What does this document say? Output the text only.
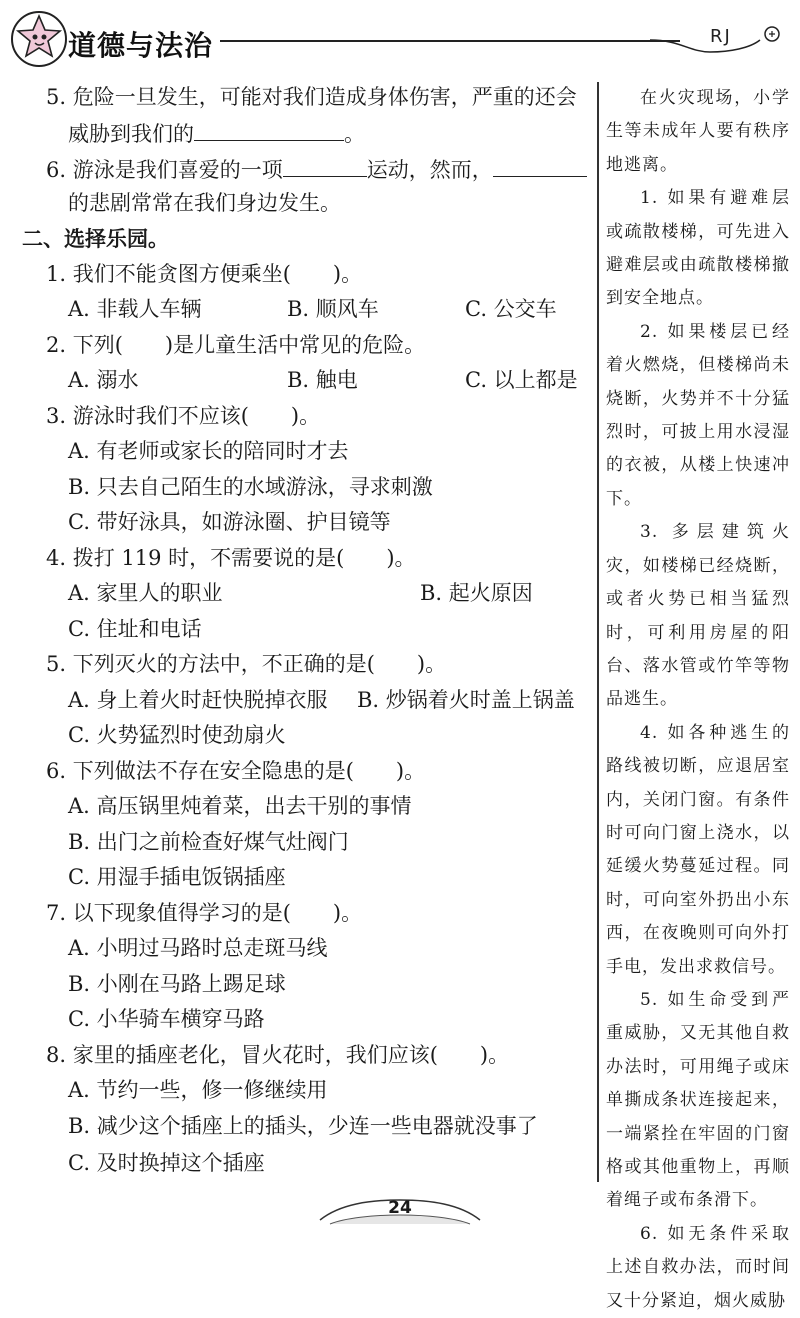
道德与法治	RJ
5. 危险一旦发生，可能对我们造成身体伤害，严重的还会
威胁到我们的	。
6. 游泳是我们喜爱的一项	运动，然而，
的悲剧常常在我们身边发生。
二、选择乐园。
1. 我们不能贪图方便乘坐(　　)。
A. 非载人车辆	B. 顺风车	C. 公交车
2. 下列(　　)是儿童生活中常见的危险。
A. 溺水	B. 触电	C. 以上都是
3. 游泳时我们不应该(　　)。
A. 有老师或家长的陪同时才去
B. 只去自己陌生的水域游泳，寻求刺激
C. 带好泳具，如游泳圈、护目镜等
4. 拨打 119 时，不需要说的是(　　)。
A. 家里人的职业	B. 起火原因
C. 住址和电话
5. 下列灭火的方法中，不正确的是(　　)。
A. 身上着火时赶快脱掉衣服 B. 炒锅着火时盖上锅盖
C. 火势猛烈时使劲扇火
6. 下列做法不存在安全隐患的是(　　)。
A. 高压锅里炖着菜，出去干别的事情
B. 出门之前检查好煤气灶阀门
C. 用湿手插电饭锅插座
7. 以下现象值得学习的是(　　)。
A. 小明过马路时总走斑马线
B. 小刚在马路上踢足球
C. 小华骑车横穿马路
8. 家里的插座老化，冒火花时，我们应该(　　)。
A. 节约一些，修一修继续用
B. 减少这个插座上的插头，少连一些电器就没事了
C. 及时换掉这个插座

在火灾现场，小学生等未成年人要有秩序地逃离。

1. 如果有避难层或疏散楼梯，可先进入避难层或由疏散楼梯撤到安全地点。

2. 如果楼层已经着火燃烧，但楼梯尚未烧断，火势并不十分猛烈时，可披上用水浸湿的衣被，从楼上快速冲下。

3. 多层建筑火灾，如楼梯已经烧断，或者火势已相当猛烈时，可利用房屋的阳台、落水管或竹竿等物品逃生。

4. 如各种逃生的路线被切断，应退居室内，关闭门窗。有条件时可向门窗上浇水，以延缓火势蔓延过程。同时，可向室外扔出小东西，在夜晚则可向外打手电，发出求救信号。

5. 如生命受到严重威胁，又无其他自救办法时，可用绳子或床单撕成条状连接起来，一端紧拴在牢固的门窗格或其他重物上，再顺着绳子或布条滑下。

6. 如无条件采取上述自救办法，而时间又十分紧迫，烟火威胁

24
